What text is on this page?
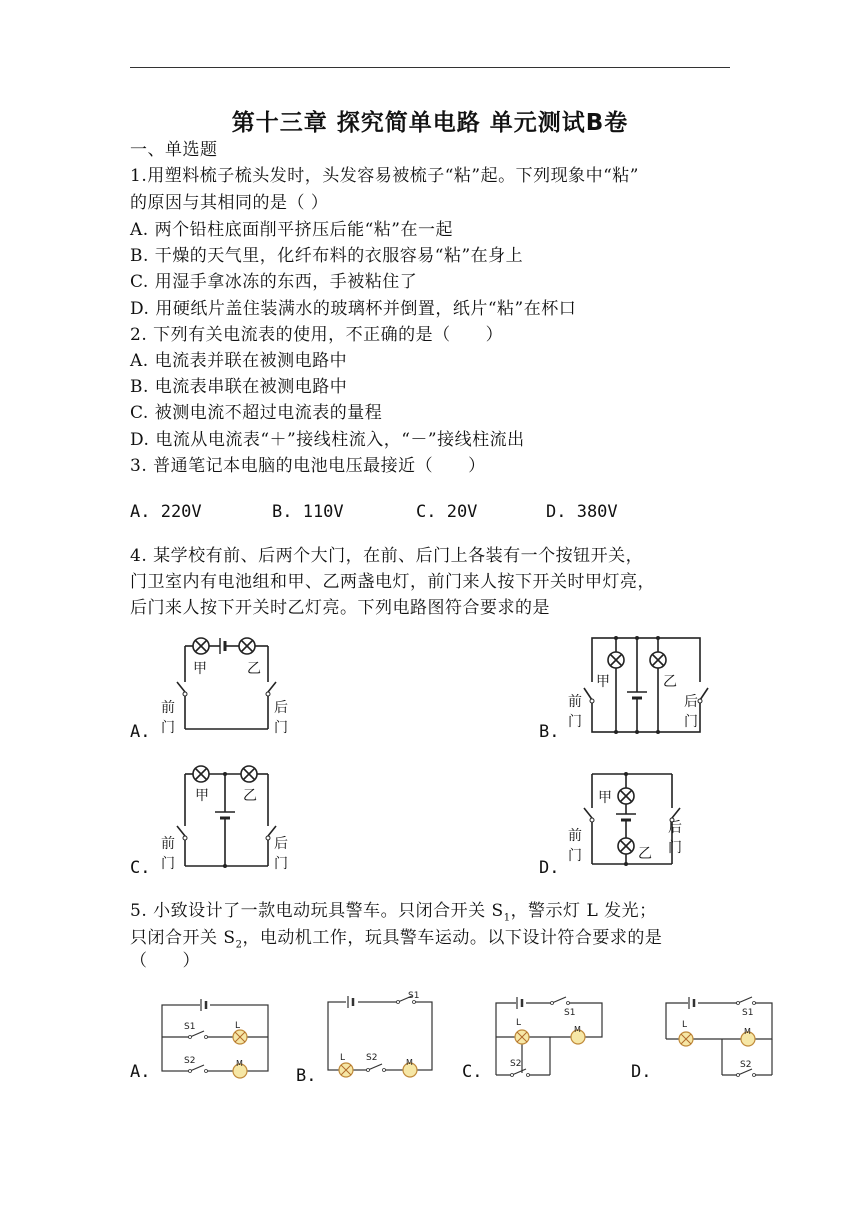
第十三章 探究简单电路 单元测试B卷
一、单选题
1.用塑料梳子梳头发时，头发容易被梳子“粘”起。下列现象中“粘”
的原因与其相同的是（ ）
A. 两个铅柱底面削平挤压后能“粘”在一起
B. 干燥的天气里，化纤布料的衣服容易“粘”在身上
C. 用湿手拿冰冻的东西，手被粘住了
D. 用硬纸片盖住装满水的玻璃杯并倒置，纸片“粘”在杯口
2. 下列有关电流表的使用，不正确的是（　　）
A. 电流表并联在被测电路中
B. 电流表串联在被测电路中
C. 被测电流不超过电流表的量程
D. 电流从电流表“＋”接线柱流入，“－”接线柱流出
3. 普通笔记本电脑的电池电压最接近（　　）
A. 220V	B. 110V	C. 20V	D. 380V
4. 某学校有前、后两个大门，在前、后门上各装有一个按钮开关，
门卫室内有电池组和甲、乙两盏电灯，前门来人按下开关时甲灯亮，
后门来人按下开关时乙灯亮。下列电路图符合要求的是
A.	B.
C.	D.
甲	乙
前
门
后
门
甲	乙
前
门
后
门
甲 乙
前
门
后
门
甲
乙
前
门
后
门
5. 小致设计了一款电动玩具警车。只闭合开关 $S_1$，警示灯 L 发光；
只闭合开关 $S_2$，电动机工作，玩具警车运动。以下设计符合要求的是
（　　）
A.	B.	C.	D.
M
S1
S2
L
M
S1
S2
L
M
S1
S2
L
M
S1
S2
L
